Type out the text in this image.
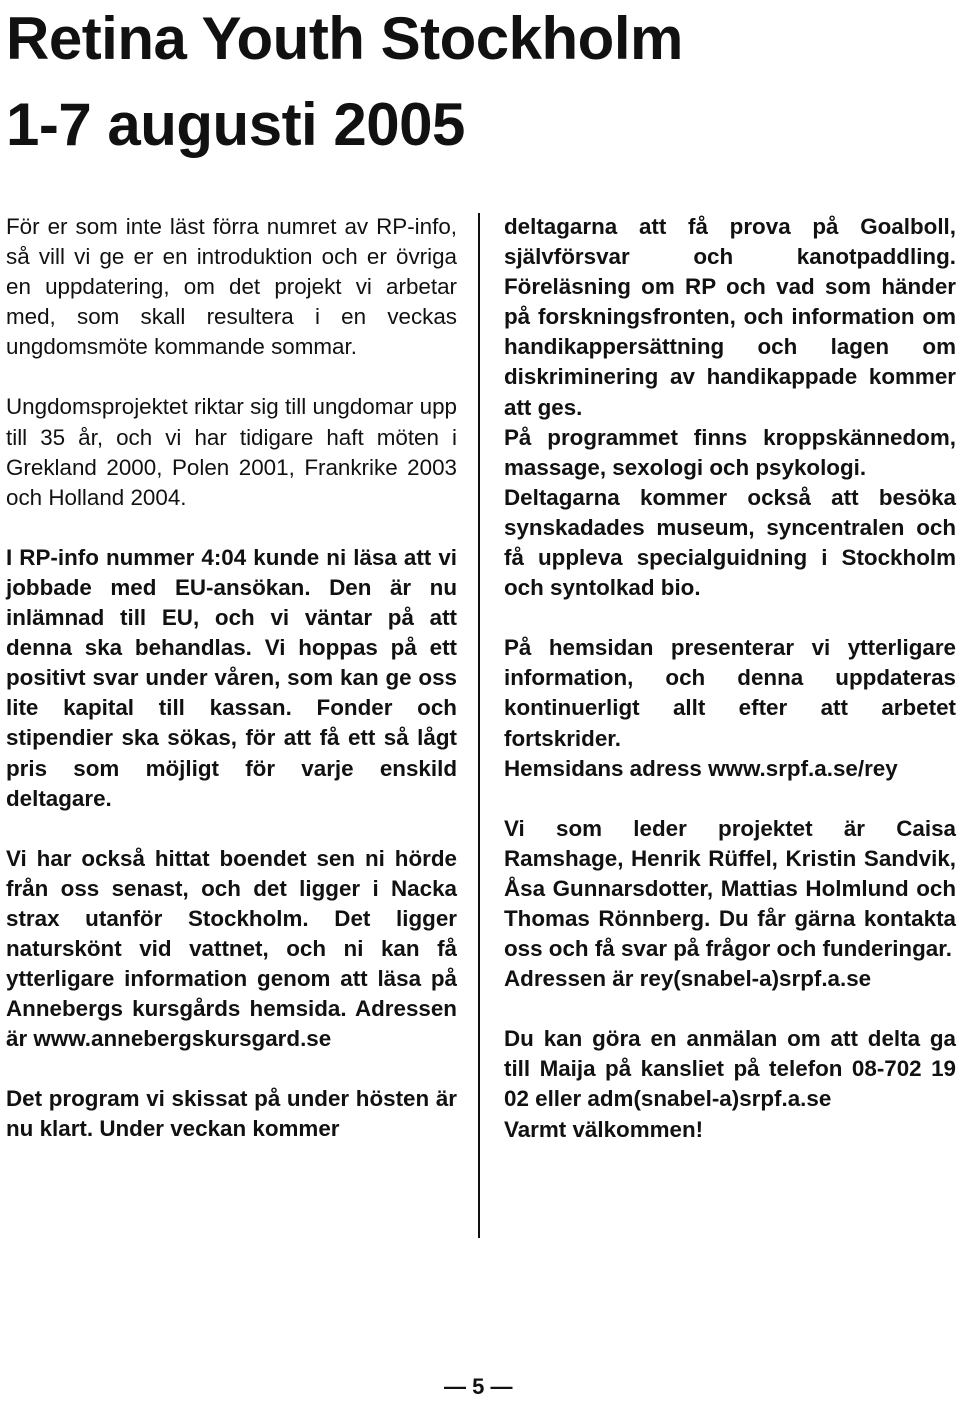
Retina Youth Stockholm
1-7 augusti 2005

För er som inte läst förra numret av RP-info, så vill vi ge er en introduktion och er övriga en uppdatering, om det projekt vi arbetar med, som skall resultera i en veckas ungdomsmöte kommande sommar.

Ungdomsprojektet riktar sig till ungdomar upp till 35 år, och vi har tidigare haft möten i Grekland 2000, Polen 2001, Frankrike 2003 och Holland 2004.

I RP-info nummer 4:04 kunde ni läsa att vi jobbade med EU-ansökan. Den är nu inlämnad till EU, och vi väntar på att denna ska behandlas. Vi hoppas på ett positivt svar under våren, som kan ge oss lite kapital till kassan. Fonder och stipendier ska sökas, för att få ett så lågt pris som möjligt för varje enskild deltagare.

Vi har också hittat boendet sen ni hörde från oss senast, och det ligger i Nacka strax utanför Stockholm. Det ligger naturskönt vid vattnet, och ni kan få ytterligare information genom att läsa på Annebergs kursgårds hemsida. Adressen är www.annebergskursgard.se

Det program vi skissat på under hösten är nu klart. Under veckan kommer

deltagarna att få prova på Goalboll, självförsvar och kanotpaddling. Föreläsning om RP och vad som händer på forskningsfronten, och information om handikappersättning och lagen om diskriminering av handikappade kommer att ges.

På programmet finns kroppskännedom, massage, sexologi och psykologi.

Deltagarna kommer också att besöka synskadades museum, syncentralen och få uppleva specialguidning i Stockholm och syntolkad bio.

På hemsidan presenterar vi ytterligare information, och denna uppdateras kontinuerligt allt efter att arbetet fortskrider.

Hemsidans adress www.srpf.a.se/rey

Vi som leder projektet är Caisa Ramshage, Henrik Rüffel, Kristin Sandvik, Åsa Gunnarsdotter, Mattias Holmlund och Thomas Rönnberg. Du får gärna kontakta oss och få svar på frågor och funderingar.

Adressen är rey(snabel-a)srpf.a.se

Du kan göra en anmälan om att delta ga till Maija på kansliet på telefon 08-702 19 02 eller adm(snabel-a)srpf.a.se

Varmt välkommen!

— 5 —
